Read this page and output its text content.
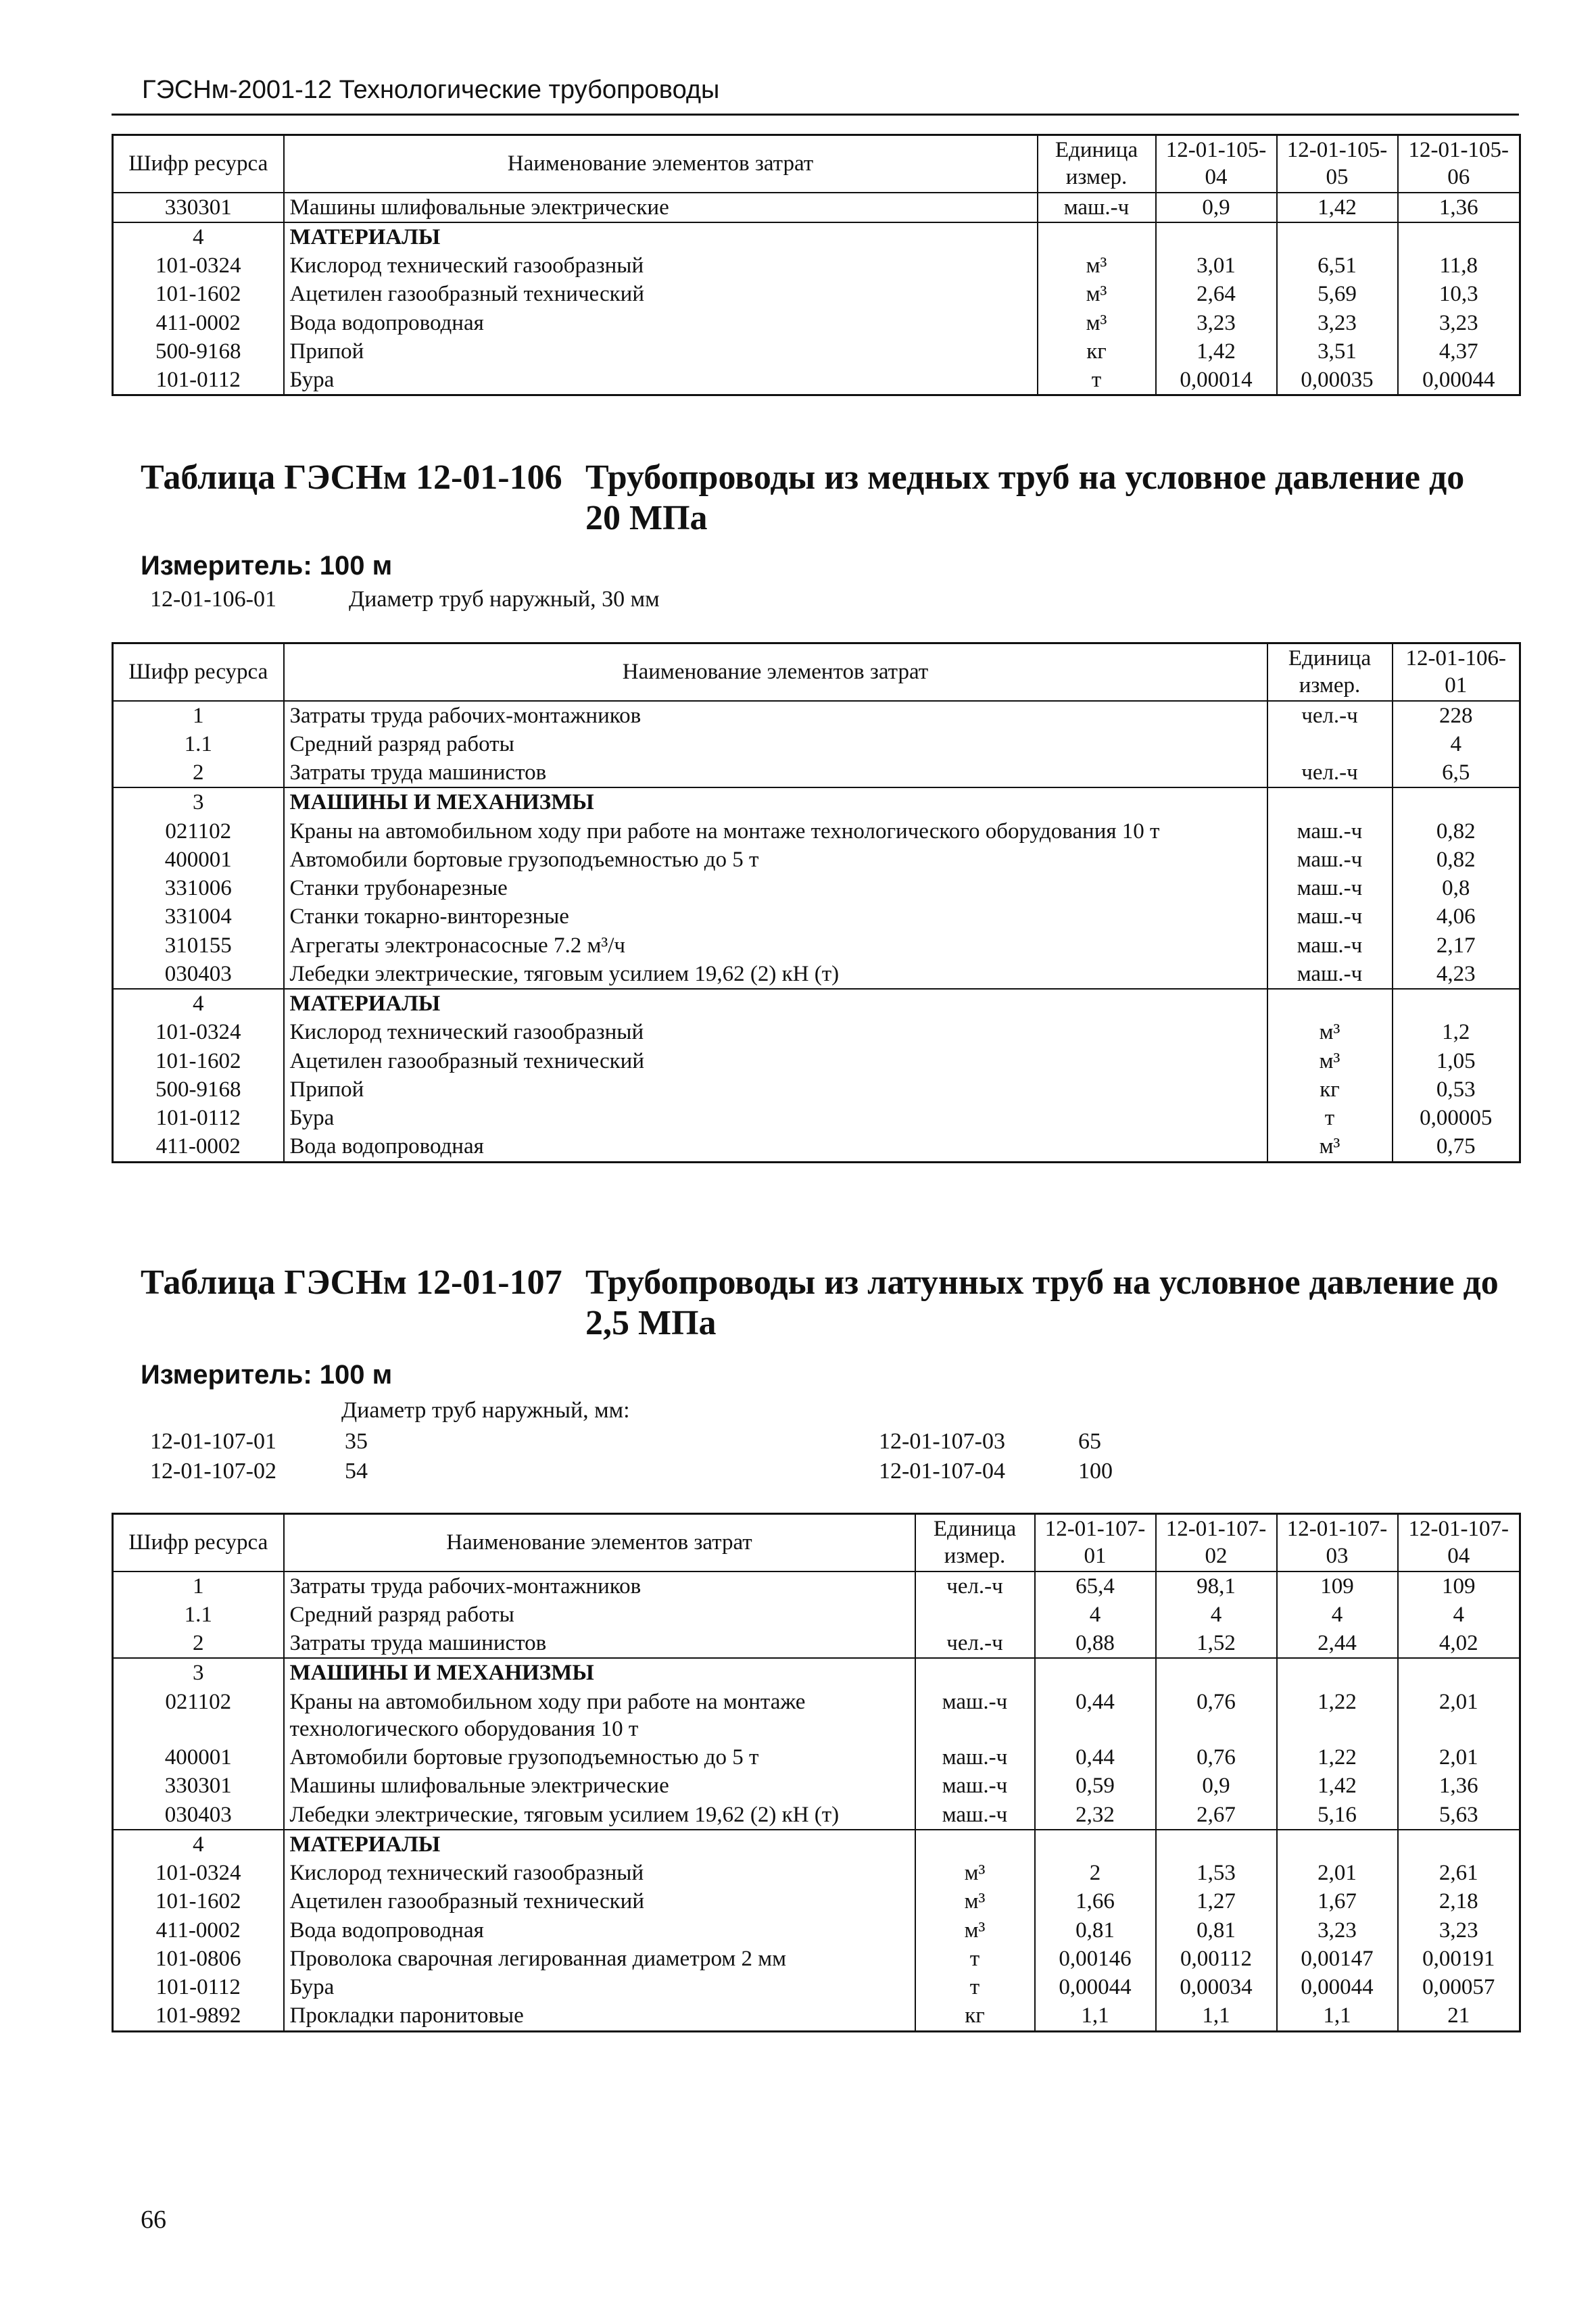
ГЭСНм-2001-12 Технологические трубопроводы
Шифр ресурса	Наименование элементов затрат	Единица измер.	12-01-105-04	12-01-105-05	12-01-105-06
330301	Машины шлифовальные электрические	маш.-ч	0,9	1,42	1,36
4	МАТЕРИАЛЫ				
101-0324	Кислород технический газообразный	м³	3,01	6,51	11,8
101-1602	Ацетилен газообразный технический	м³	2,64	5,69	10,3
411-0002	Вода водопроводная	м³	3,23	3,23	3,23
500-9168	Припой	кг	1,42	3,51	4,37
101-0112	Бура	т	0,00014	0,00035	0,00044
Таблица ГЭСНм 12-01-106 Трубопроводы из медных труб на условное давление до
20 МПа
Измеритель: 100 м
12-01-106-01	Диаметр труб наружный, 30 мм
Шифр ресурса	Наименование элементов затрат	Единица измер.	12-01-106-01
1	Затраты труда рабочих-монтажников	чел.-ч	228
1.1	Средний разряд работы		4
2	Затраты труда машинистов	чел.-ч	6,5
3	МАШИНЫ И МЕХАНИЗМЫ		
021102	Краны на автомобильном ходу при работе на монтаже технологического оборудования 10 т	маш.-ч	0,82
400001	Автомобили бортовые грузоподъемностью до 5 т	маш.-ч	0,82
331006	Станки трубонарезные	маш.-ч	0,8
331004	Станки токарно-винторезные	маш.-ч	4,06
310155	Агрегаты электронасосные 7.2 м³/ч	маш.-ч	2,17
030403	Лебедки электрические, тяговым усилием 19,62 (2) кН (т)	маш.-ч	4,23
4	МАТЕРИАЛЫ		
101-0324	Кислород технический газообразный	м³	1,2
101-1602	Ацетилен газообразный технический	м³	1,05
500-9168	Припой	кг	0,53
101-0112	Бура	т	0,00005
411-0002	Вода водопроводная	м³	0,75
Таблица ГЭСНм 12-01-107 Трубопроводы из латунных труб на условное давление до
2,5 МПа
Измеритель: 100 м
Диаметр труб наружный, мм:
12-01-107-01	35
12-01-107-02	54
12-01-107-03	65
12-01-107-04	100
Шифр ресурса	Наименование элементов затрат	Единица измер.	12-01-107-01	12-01-107-02	12-01-107-03	12-01-107-04
1	Затраты труда рабочих-монтажников	чел.-ч	65,4	98,1	109	109
1.1	Средний разряд работы		4	4	4	4
2	Затраты труда машинистов	чел.-ч	0,88	1,52	2,44	4,02
3	МАШИНЫ И МЕХАНИЗМЫ					
021102	Краны на автомобильном ходу при работе на монтаже технологического оборудования 10 т	маш.-ч	0,44	0,76	1,22	2,01
400001	Автомобили бортовые грузоподъемностью до 5 т	маш.-ч	0,44	0,76	1,22	2,01
330301	Машины шлифовальные электрические	маш.-ч	0,59	0,9	1,42	1,36
030403	Лебедки электрические, тяговым усилием 19,62 (2) кН (т)	маш.-ч	2,32	2,67	5,16	5,63
4	МАТЕРИАЛЫ					
101-0324	Кислород технический газообразный	м³	2	1,53	2,01	2,61
101-1602	Ацетилен газообразный технический	м³	1,66	1,27	1,67	2,18
411-0002	Вода водопроводная	м³	0,81	0,81	3,23	3,23
101-0806	Проволока сварочная легированная диаметром 2 мм	т	0,00146	0,00112	0,00147	0,00191
101-0112	Бура	т	0,00044	0,00034	0,00044	0,00057
101-9892	Прокладки паронитовые	кг	1,1	1,1	1,1	21
66
